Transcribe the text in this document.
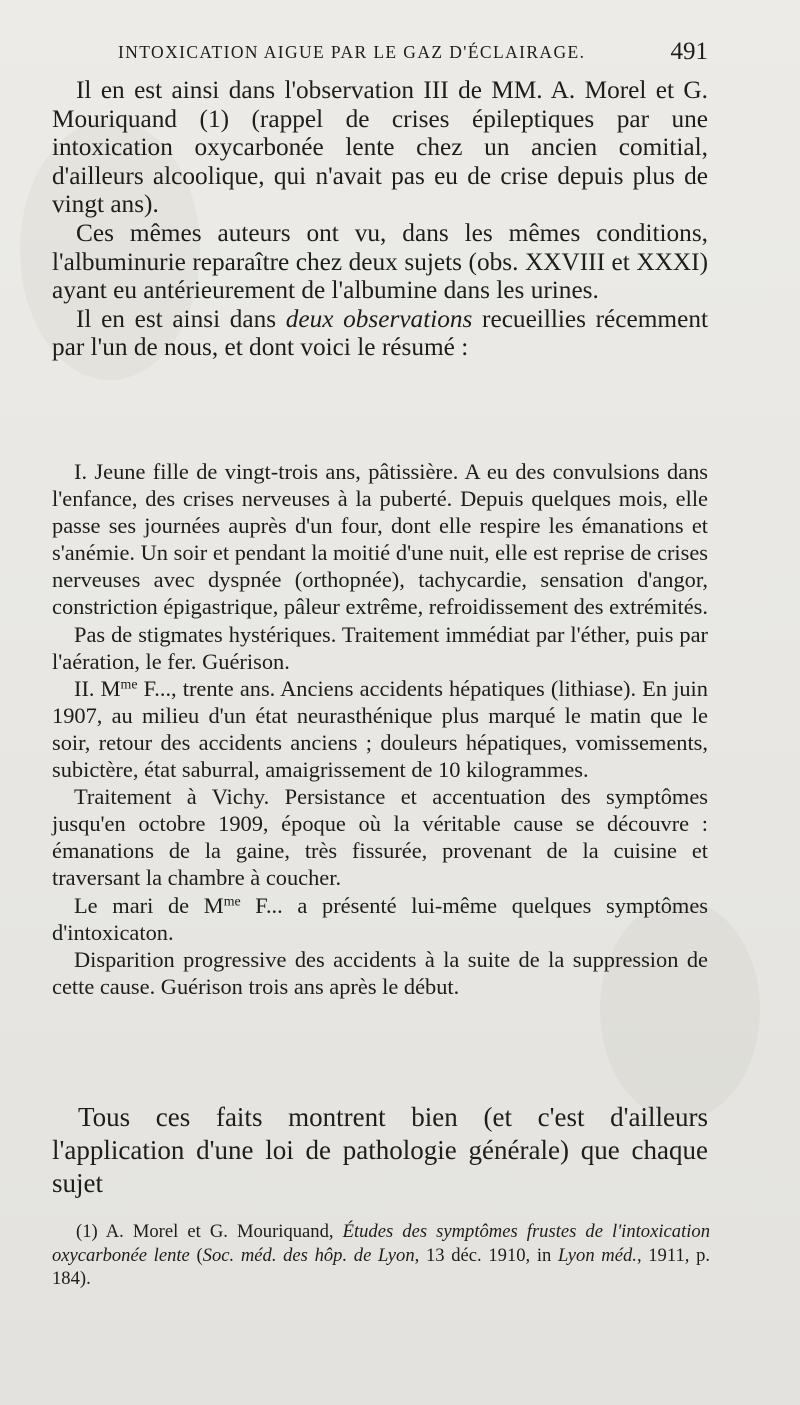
INTOXICATION AIGUE PAR LE GAZ D'ÉCLAIRAGE.	491

Il en est ainsi dans l'observation III de MM. A. Morel et G. Mouriquand (1) (rappel de crises épileptiques par une intoxication oxycarbonée lente chez un ancien comitial, d'ailleurs alcoolique, qui n'avait pas eu de crise depuis plus de vingt ans).

Ces mêmes auteurs ont vu, dans les mêmes conditions, l'albuminurie reparaître chez deux sujets (obs. XXVIII et XXXI) ayant eu antérieurement de l'albumine dans les urines.

Il en est ainsi dans deux observations recueillies récemment par l'un de nous, et dont voici le résumé :

I. Jeune fille de vingt-trois ans, pâtissière. A eu des convulsions dans l'enfance, des crises nerveuses à la puberté. Depuis quelques mois, elle passe ses journées auprès d'un four, dont elle respire les émanations et s'anémie. Un soir et pendant la moitié d'une nuit, elle est reprise de crises nerveuses avec dyspnée (orthopnée), tachycardie, sensation d'angor, constriction épigastrique, pâleur extrême, refroidissement des extrémités.

Pas de stigmates hystériques. Traitement immédiat par l'éther, puis par l'aération, le fer. Guérison.

II. $M^{me}$ F..., trente ans. Anciens accidents hépatiques (lithiase). En juin 1907, au milieu d'un état neurasthénique plus marqué le matin que le soir, retour des accidents anciens ; douleurs hépatiques, vomissements, subictère, état saburral, amaigrissement de 10 kilogrammes.

Traitement à Vichy. Persistance et accentuation des symptômes jusqu'en octobre 1909, époque où la véritable cause se découvre : émanations de la gaine, très fissurée, provenant de la cuisine et traversant la chambre à coucher.

Le mari de $M^{me}$ F... a présenté lui-même quelques symptômes d'intoxicaton.

Disparition progressive des accidents à la suite de la suppression de cette cause. Guérison trois ans après le début.

Tous ces faits montrent bien (et c'est d'ailleurs l'application d'une loi de pathologie générale) que chaque sujet

(1) A. Morel et G. Mouriquand, Études des symptômes frustes de l'intoxication oxycarbonée lente (Soc. méd. des hôp. de Lyon, 13 déc. 1910, in Lyon méd., 1911, p. 184).
